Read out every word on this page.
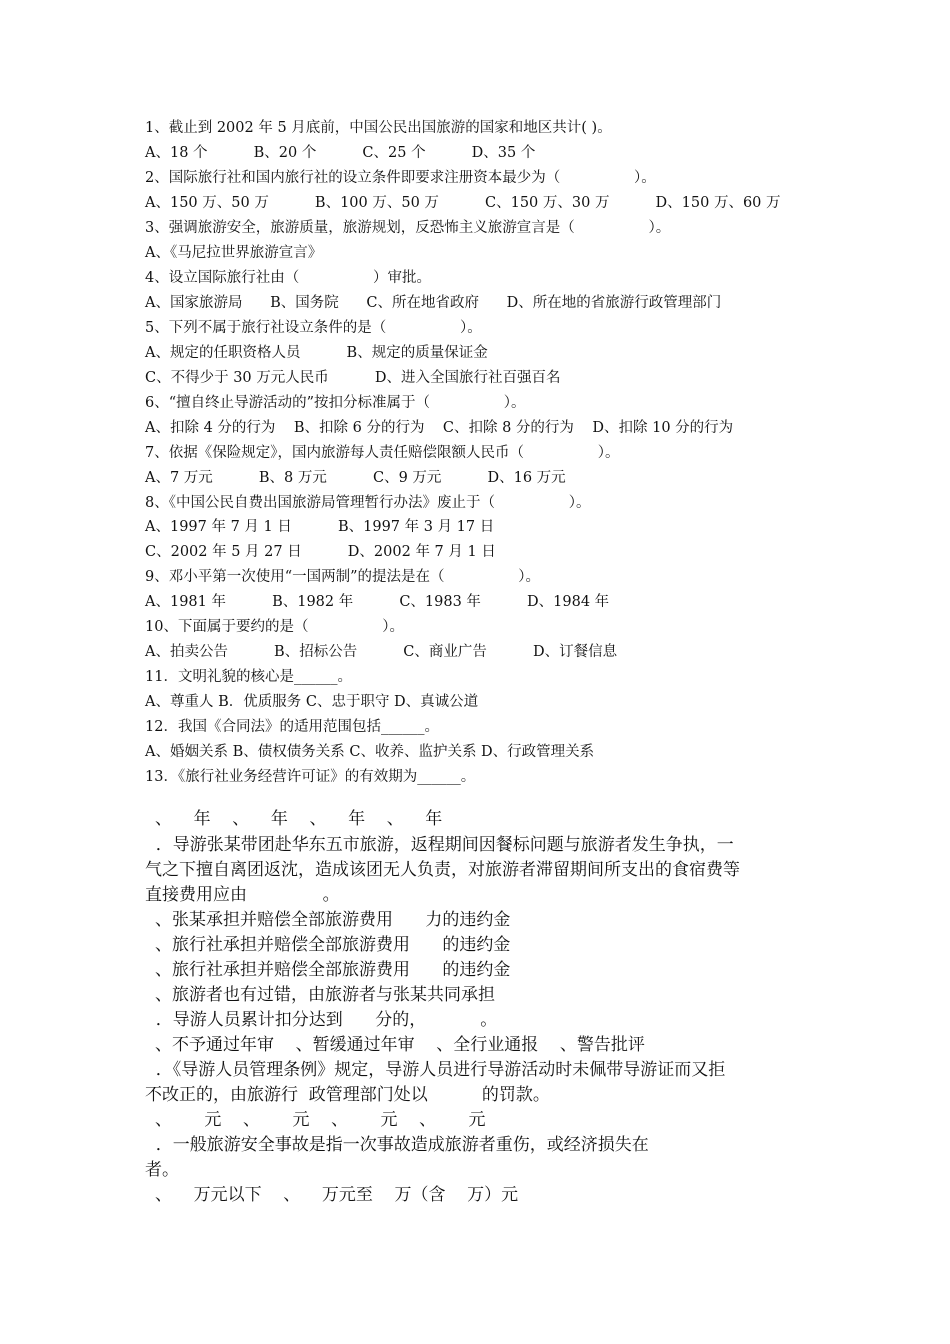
1、截止到 2002 年 5 月底前，中国公民出国旅游的国家和地区共计( )。
A、18 个          B、20 个          C、25 个          D、35 个
2、国际旅行社和国内旅行社的设立条件即要求注册资本最少为（                ）。
A、150 万、50 万          B、100 万、50 万          C、150 万、30 万          D、150 万、60 万
3、强调旅游安全，旅游质量，旅游规划，反恐怖主义旅游宣言是（                ）。
A、《马尼拉世界旅游宣言》
4、设立国际旅行社由（                ）审批。
A、国家旅游局      B、国务院      C、所在地省政府      D、所在地的省旅游行政管理部门
5、下列不属于旅行社设立条件的是（                ）。
A、规定的任职资格人员          B、规定的质量保证金
C、不得少于 30 万元人民币          D、进入全国旅行社百强百名
6、“擅自终止导游活动的”按扣分标准属于（                ）。
A、扣除 4 分的行为    B、扣除 6 分的行为    C、扣除 8 分的行为    D、扣除 10 分的行为
7、依据《保险规定》，国内旅游每人责任赔偿限额人民币（                ）。
A、7 万元          B、8 万元          C、9 万元          D、16 万元
8、《中国公民自费出国旅游局管理暂行办法》废止于（                ）。
A、1997 年 7 月 1 日          B、1997 年 3 月 17 日
C、2002 年 5 月 27 日          D、2002 年 7 月 1 日
9、邓小平第一次使用“一国两制”的提法是在（                ）。
A、1981 年          B、1982 年          C、1983 年          D、1984 年
10、下面属于要约的是（                ）。
A、拍卖公告          B、招标公告          C、商业广告          D、订餐信息
11．文明礼貌的核心是______。
A、尊重人 B．优质服务 C、忠于职守 D、真诚公道
12．我国《合同法》的适用范围包括______。
A、婚姻关系 B、债权债务关系 C、收养、监护关系 D、行政管理关系
13．《旅行社业务经营许可证》的有效期为______。
、    年    、    年    、    年    、    年
．导游张某带团赴华东五市旅游，返程期间因餐标问题与旅游者发生争执，一
气之下擅自离团返沈，造成该团无人负责，对旅游者滞留期间所支出的食宿费等
直接费用应由              。
、张某承担并赔偿全部旅游费用      力的违约金
、旅行社承担并赔偿全部旅游费用      的违约金
、旅行社承担并赔偿全部旅游费用      的违约金
、旅游者也有过错，由旅游者与张某共同承担
．导游人员累计扣分达到      分的，          。
、不予通过年审    、暂缓通过年审    、全行业通报    、警告批评
．《导游人员管理条例》规定，导游人员进行导游活动时未佩带导游证而又拒
不改正的，由旅游行  政管理部门处以          的罚款。
、      元    、      元    、      元    、      元
．一般旅游安全事故是指一次事故造成旅游者重伤，或经济损失在
者。
、    万元以下    、    万元至    万（含    万）元
